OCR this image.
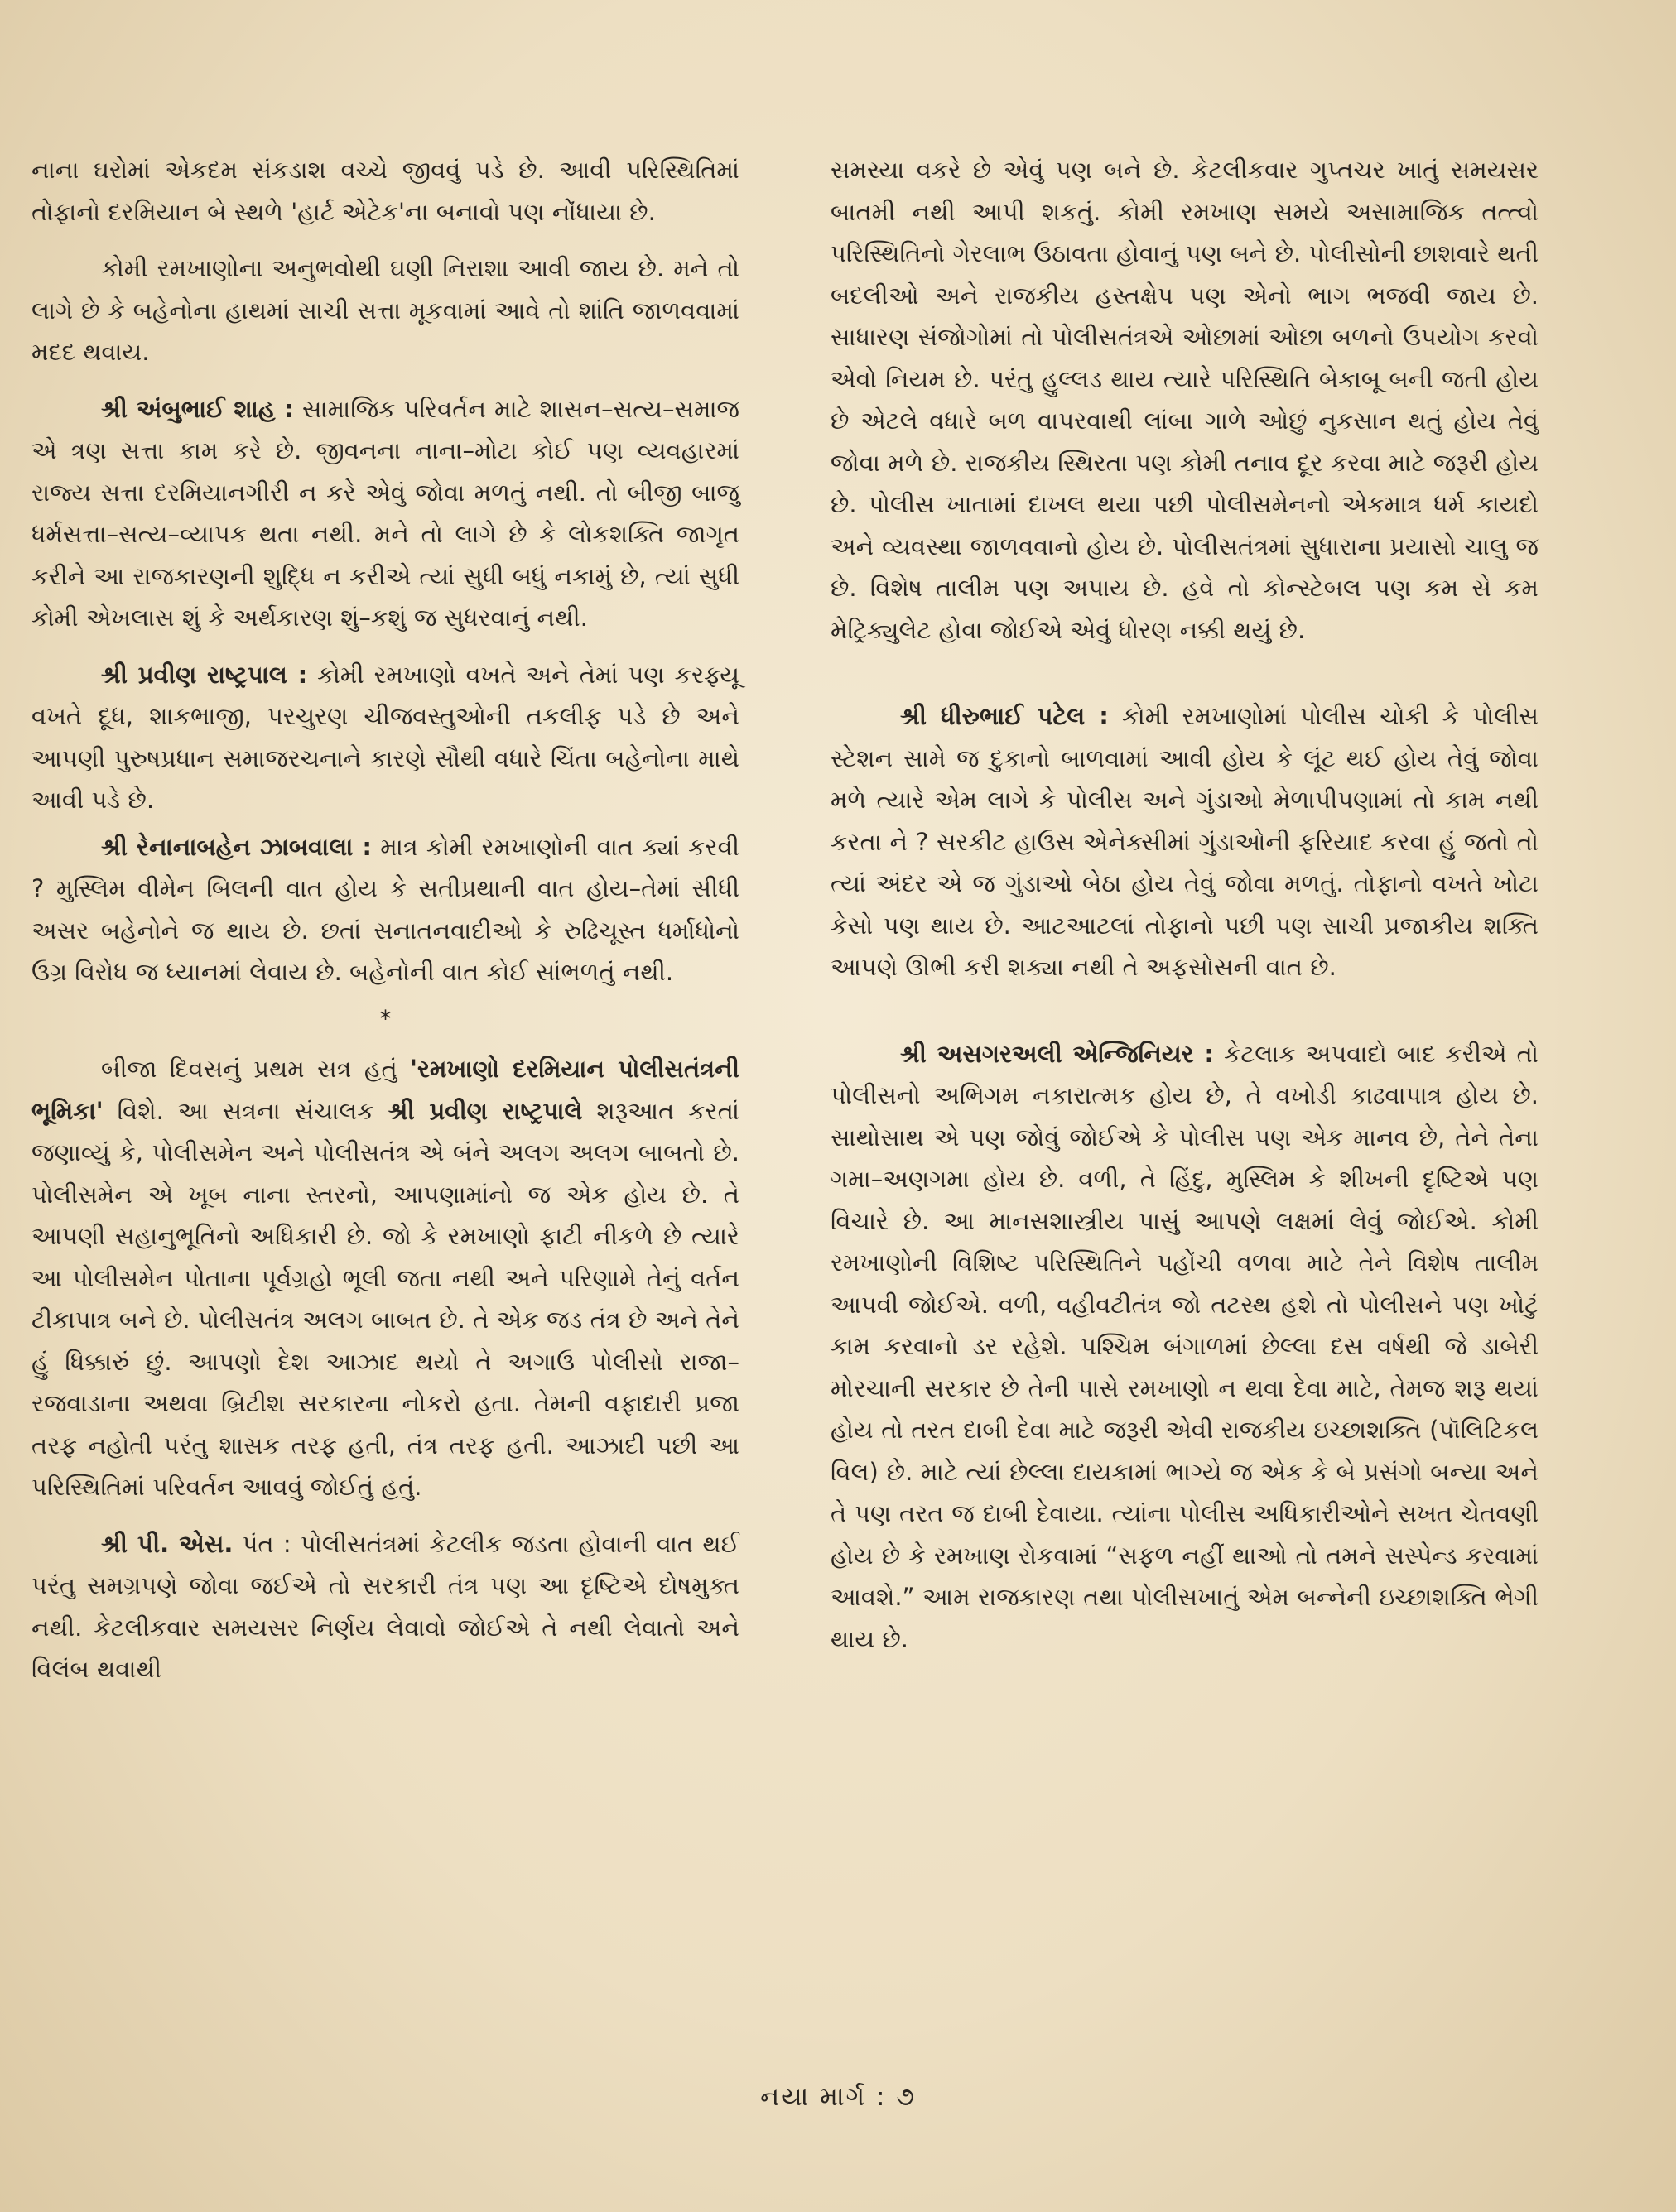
નાના ઘરોમાં એકદમ સંકડાશ વચ્ચે જીવવું પડે છે. આવી પરિસ્થિતિમાં તોફાનો દરમિયાન બે સ્થળે 'હાર્ટ એટેક'ના બનાવો પણ નોંધાયા છે.

કોમી રમખાણોના અનુભવોથી ઘણી નિરાશા આવી જાય છે. મને તો લાગે છે કે બહેનોના હાથમાં સાચી સત્તા મૂકવામાં આવે તો શાંતિ જાળવવામાં મદદ થવાય.

શ્રી અંબુભાઈ શાહ : સામાજિક પરિવર્તન માટે શાસન–સત્ય–સમાજ એ ત્રણ સત્તા કામ કરે છે. જીવનના નાના–મોટા કોઈ પણ વ્યવહારમાં રાજ્ય સત્તા દરમિયાનગીરી ન કરે એવું જોવા મળતું નથી. તો બીજી બાજુ ધર્મસત્તા–સત્ય–વ્યાપક થતા નથી. મને તો લાગે છે કે લોકશક્તિ જાગૃત કરીને આ રાજકારણની શુદ્ધિ ન કરીએ ત્યાં સુધી બધું નકામું છે, ત્યાં સુધી કોમી એખલાસ શું કે અર્થકારણ શું–કશું જ સુધરવાનું નથી.

શ્રી પ્રવીણ રાષ્ટ્રપાલ : કોમી રમખાણો વખતે અને તેમાં પણ કરફ્યૂ વખતે દૂધ, શાકભાજી, પરચુરણ ચીજવસ્તુઓની તકલીફ પડે છે અને આપણી પુરુષપ્રધાન સમાજરચનાને કારણે સૌથી વધારે ચિંતા બહેનોના માથે આવી પડે છે.

શ્રી રેનાનાબહેન ઝાબવાલા : માત્ર કોમી રમખાણોની વાત ક્યાં કરવી ? મુસ્લિમ વીમેન બિલની વાત હોય કે સતીપ્રથાની વાત હોય–તેમાં સીધી અસર બહેનોને જ થાય છે. છતાં સનાતનવાદીઓ કે રુઢિચૂસ્ત ધર્માધોનો ઉગ્ર વિરોધ જ ધ્યાનમાં લેવાય છે. બહેનોની વાત કોઈ સાંભળતું નથી.

*

બીજા દિવસનું પ્રથમ સત્ર હતું 'રમખાણો દરમિયાન પોલીસતંત્રની ભૂમિકા' વિશે. આ સત્રના સંચાલક શ્રી પ્રવીણ રાષ્ટ્રપાલે શરૂઆત કરતાં જણાવ્યું કે, પોલીસમેન અને પોલીસતંત્ર એ બંને અલગ અલગ બાબતો છે. પોલીસમેન એ ખૂબ નાના સ્તરનો, આપણામાંનો જ એક હોય છે. તે આપણી સહાનુભૂતિનો અધિકારી છે. જો કે રમખાણો ફાટી નીકળે છે ત્યારે આ પોલીસમેન પોતાના પૂર્વગ્રહો ભૂલી જતા નથી અને પરિણામે તેનું વર્તન ટીકાપાત્ર બને છે. પોલીસતંત્ર અલગ બાબત છે. તે એક જડ તંત્ર છે અને તેને હું ધિક્કારું છું. આપણો દેશ આઝાદ થયો તે અગાઉ પોલીસો રાજા–રજવાડાના અથવા બ્રિટીશ સરકારના નોકરો હતા. તેમની વફાદારી પ્રજા તરફ નહોતી પરંતુ શાસક તરફ હતી, તંત્ર તરફ હતી. આઝાદી પછી આ પરિસ્થિતિમાં પરિવર્તન આવવું જોઈતું હતું.

શ્રી પી. એસ. પંત : પોલીસતંત્રમાં કેટલીક જડતા હોવાની વાત થઈ પરંતુ સમગ્રપણે જોવા જઈએ તો સરકારી તંત્ર પણ આ દૃષ્ટિએ દોષમુક્ત નથી. કેટલીકવાર સમયસર નિર્ણય લેવાવો જોઈએ તે નથી લેવાતો અને વિલંબ થવાથી

સમસ્યા વકરે છે એવું પણ બને છે. કેટલીકવાર ગુપ્તચર ખાતું સમયસર બાતમી નથી આપી શકતું. કોમી રમખાણ સમયે અસામાજિક તત્ત્વો પરિસ્થિતિનો ગેરલાભ ઉઠાવતા હોવાનું પણ બને છે. પોલીસોની છાશવારે થતી બદલીઓ અને રાજકીય હસ્તક્ષેપ પણ એનો ભાગ ભજવી જાય છે. સાધારણ સંજોગોમાં તો પોલીસતંત્રએ ઓછામાં ઓછા બળનો ઉપયોગ કરવો એવો નિયમ છે. પરંતુ હુલ્લડ થાય ત્યારે પરિસ્થિતિ બેકાબૂ બની જતી હોય છે એટલે વધારે બળ વાપરવાથી લાંબા ગાળે ઓછું નુકસાન થતું હોય તેવું જોવા મળે છે. રાજકીય સ્થિરતા પણ કોમી તનાવ દૂર કરવા માટે જરૂરી હોય છે. પોલીસ ખાતામાં દાખલ થયા પછી પોલીસમેનનો એકમાત્ર ધર્મ કાયદો અને વ્યવસ્થા જાળવવાનો હોય છે. પોલીસતંત્રમાં સુધારાના પ્રયાસો ચાલુ જ છે. વિશેષ તાલીમ પણ અપાય છે. હવે તો કોન્સ્ટેબલ પણ કમ સે કમ મેટ્રિક્યુલેટ હોવા જોઈએ એવું ધોરણ નક્કી થયું છે.

શ્રી ધીરુભાઈ પટેલ : કોમી રમખાણોમાં પોલીસ ચોકી કે પોલીસ સ્ટેશન સામે જ દુકાનો બાળવામાં આવી હોય કે લૂંટ થઈ હોય તેવું જોવા મળે ત્યારે એમ લાગે કે પોલીસ અને ગુંડાઓ મેળાપીપણામાં તો કામ નથી કરતા ને ? સરકીટ હાઉસ એનેક્સીમાં ગુંડાઓની ફરિયાદ કરવા હું જતો તો ત્યાં અંદર એ જ ગુંડાઓ બેઠા હોય તેવું જોવા મળતું. તોફાનો વખતે ખોટા કેસો પણ થાય છે. આટઆટલાં તોફાનો પછી પણ સાચી પ્રજાકીય શક્તિ આપણે ઊભી કરી શક્યા નથી તે અફસોસની વાત છે.

શ્રી અસગરઅલી એન્જિનિયર : કેટલાક અપવાદો બાદ કરીએ તો પોલીસનો અભિગમ નકારાત્મક હોય છે, તે વખોડી કાઢવાપાત્ર હોય છે. સાથોસાથ એ પણ જોવું જોઈએ કે પોલીસ પણ એક માનવ છે, તેને તેના ગમા–અણગમા હોય છે. વળી, તે હિંદુ, મુસ્લિમ કે શીખની દૃષ્ટિએ પણ વિચારે છે. આ માનસશાસ્ત્રીય પાસું આપણે લક્ષમાં લેવું જોઈએ. કોમી રમખાણોની વિશિષ્ટ પરિસ્થિતિને પહોંચી વળવા માટે તેને વિશેષ તાલીમ આપવી જોઈએ. વળી, વહીવટીતંત્ર જો તટસ્થ હશે તો પોલીસને પણ ખોટું કામ કરવાનો ડર રહેશે. પશ્ચિમ બંગાળમાં છેલ્લા દસ વર્ષથી જે ડાબેરી મોરચાની સરકાર છે તેની પાસે રમખાણો ન થવા દેવા માટે, તેમજ શરૂ થયાં હોય તો તરત દાબી દેવા માટે જરૂરી એવી રાજકીય ઇચ્છાશક્તિ (પૉલિટિકલ વિલ) છે. માટે ત્યાં છેલ્લા દાયકામાં ભાગ્યે જ એક કે બે પ્રસંગો બન્યા અને તે પણ તરત જ દાબી દેવાયા. ત્યાંના પોલીસ અધિકારીઓને સખત ચેતવણી હોય છે કે રમખાણ રોકવામાં “સફળ નહીં થાઓ તો તમને સસ્પેન્ડ કરવામાં આવશે.” આમ રાજકારણ તથા પોલીસખાતું એમ બન્નેની ઇચ્છાશક્તિ ભેગી થાય છે.

નયા માર્ગ : ૭
